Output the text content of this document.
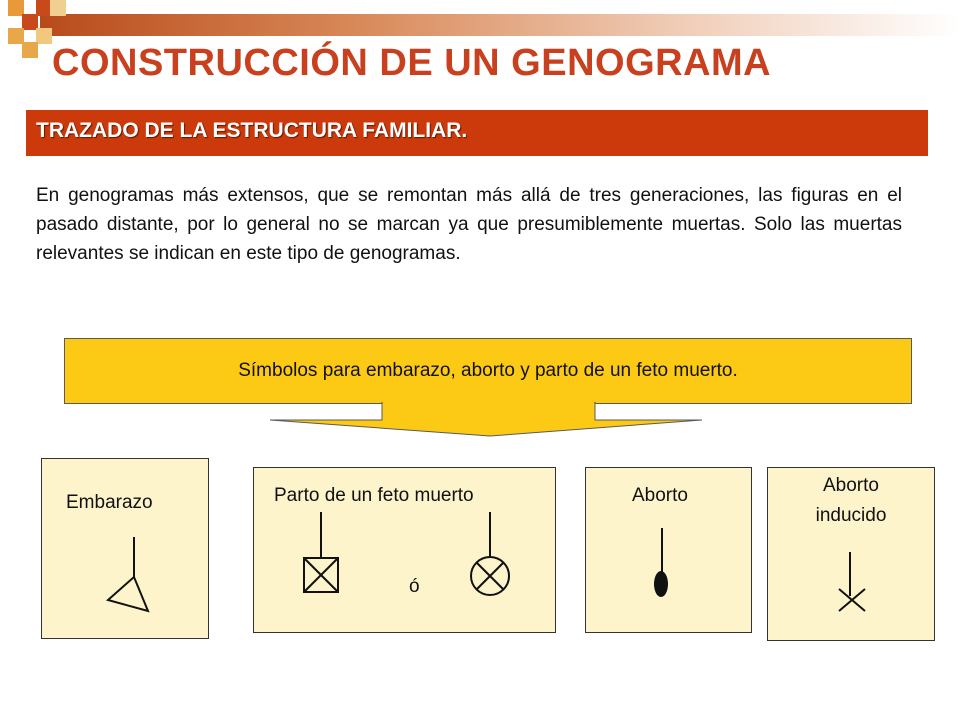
CONSTRUCCIÓN DE UN GENOGRAMA
TRAZADO DE LA ESTRUCTURA FAMILIAR.
En genogramas más extensos, que se remontan más allá de tres generaciones, las figuras en el pasado distante, por lo general no se marcan ya que presumiblemente muertas. Solo las muertas relevantes se indican en este tipo de genogramas.
Símbolos para embarazo, aborto y parto de un feto muerto.
Embarazo	Parto de un feto muerto
ó
Aborto	Aborto
inducido
